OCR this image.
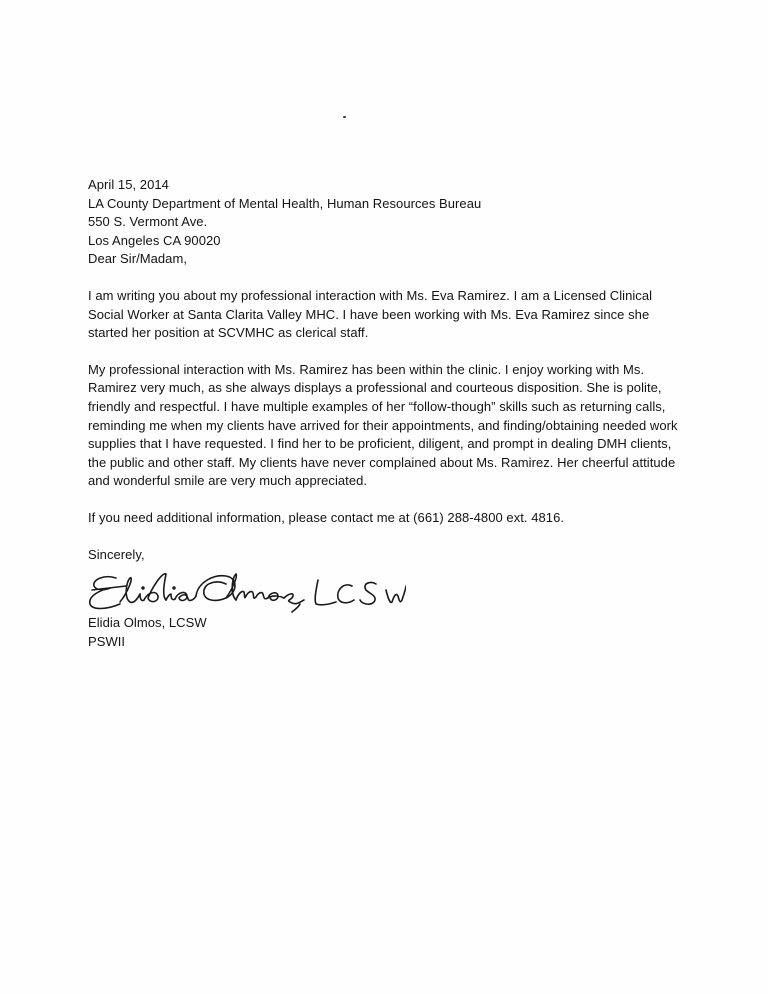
April 15, 2014

LA County Department of Mental Health, Human Resources Bureau
550 S. Vermont Ave.
Los Angeles CA 90020

Dear Sir/Madam,

I am writing you about my professional interaction with Ms. Eva Ramirez. I am a Licensed Clinical Social Worker at Santa Clarita Valley MHC. I have been working with Ms. Eva Ramirez since she started her position at SCVMHC as clerical staff.

My professional interaction with Ms. Ramirez has been within the clinic. I enjoy working with Ms. Ramirez very much, as she always displays a professional and courteous disposition. She is polite, friendly and respectful. I have multiple examples of her “follow-though” skills such as returning calls, reminding me when my clients have arrived for their appointments, and finding/obtaining needed work supplies that I have requested. I find her to be proficient, diligent, and prompt in dealing DMH clients, the public and other staff. My clients have never complained about Ms. Ramirez. Her cheerful attitude and wonderful smile are very much appreciated.

If you need additional information, please contact me at (661) 288-4800 ext. 4816.

Sincerely,

Elidia Olmos, LCSW
PSWII
